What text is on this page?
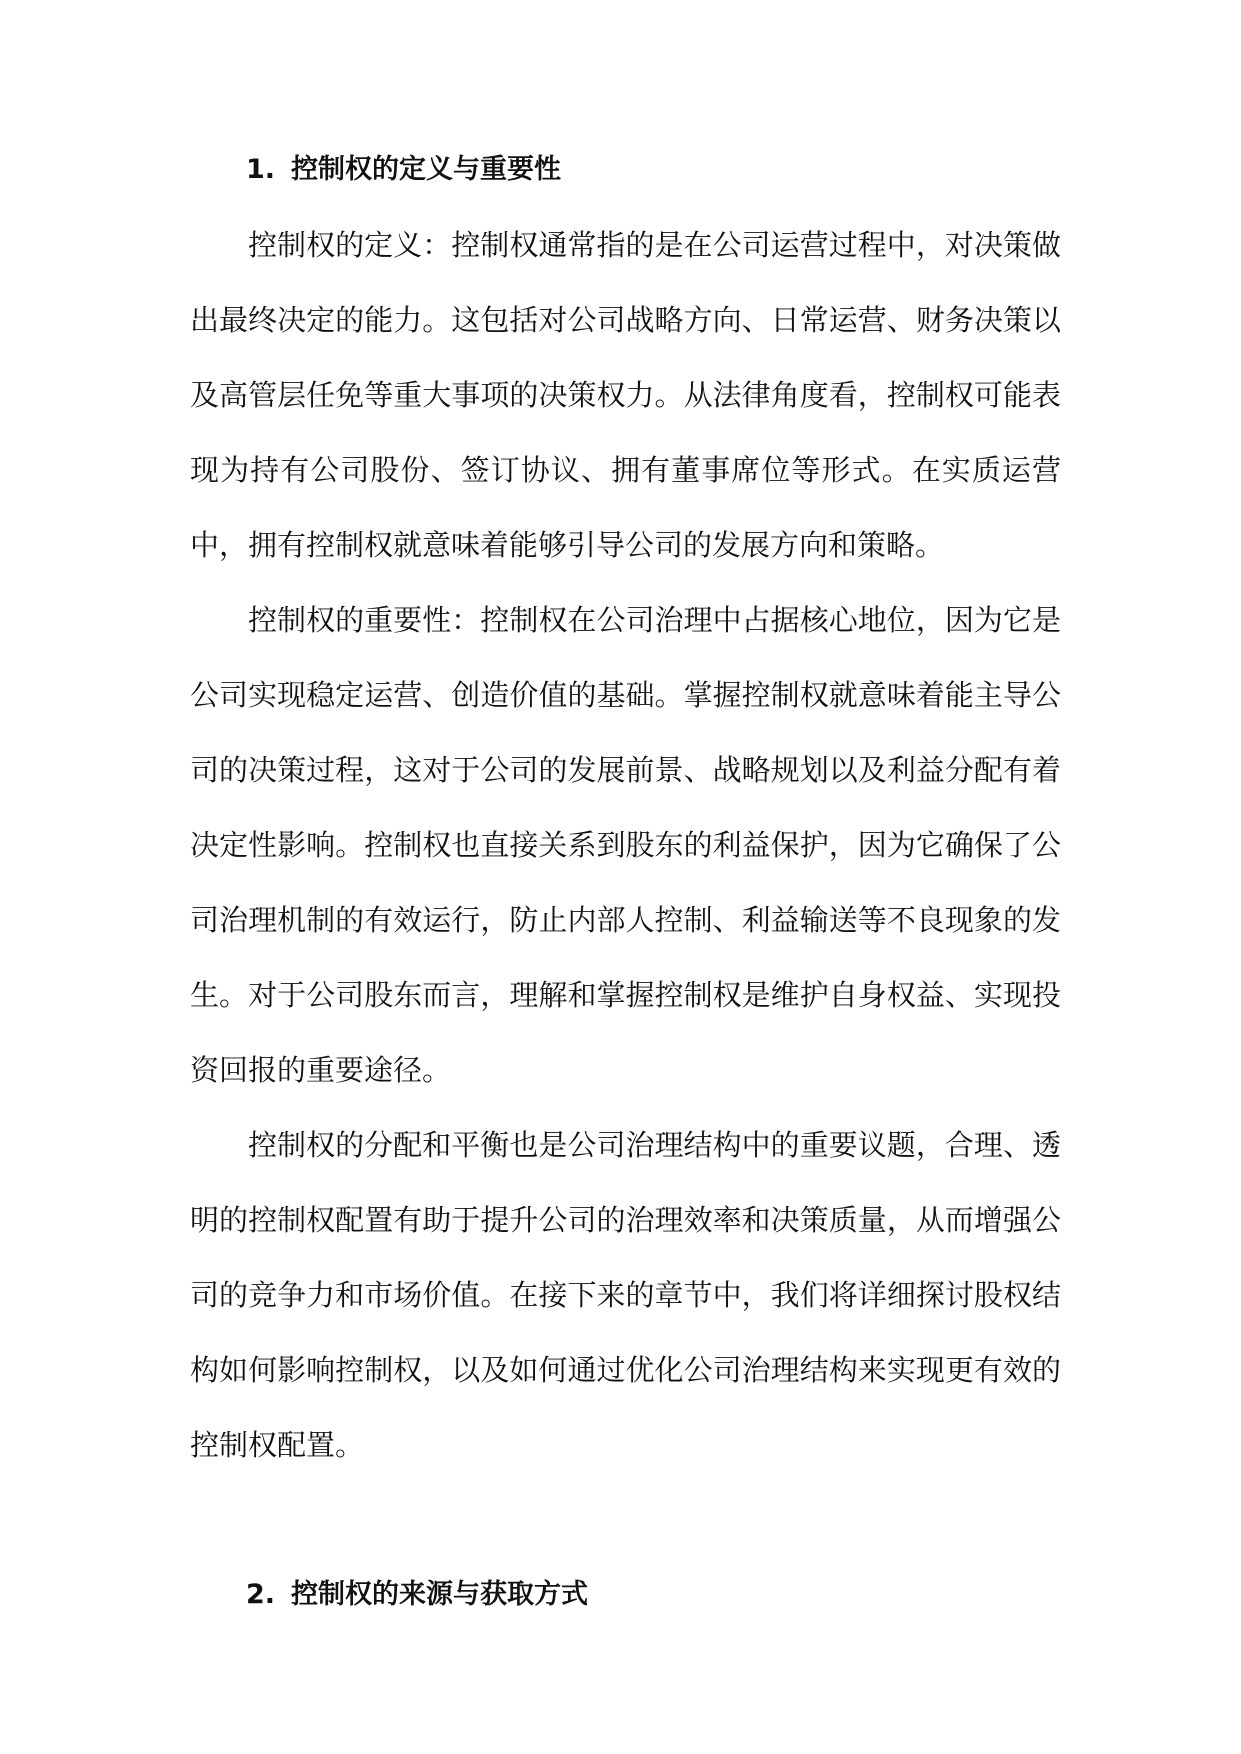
1. 控制权的定义与重要性

控制权的定义：控制权通常指的是在公司运营过程中，对决策做出最终决定的能力。这包括对公司战略方向、日常运营、财务决策以及高管层任免等重大事项的决策权力。从法律角度看，控制权可能表现为持有公司股份、签订协议、拥有董事席位等形式。在实质运营中，拥有控制权就意味着能够引导公司的发展方向和策略。

控制权的重要性：控制权在公司治理中占据核心地位，因为它是公司实现稳定运营、创造价值的基础。掌握控制权就意味着能主导公司的决策过程，这对于公司的发展前景、战略规划以及利益分配有着决定性影响。控制权也直接关系到股东的利益保护，因为它确保了公司治理机制的有效运行，防止内部人控制、利益输送等不良现象的发生。对于公司股东而言，理解和掌握控制权是维护自身权益、实现投资回报的重要途径。

控制权的分配和平衡也是公司治理结构中的重要议题，合理、透明的控制权配置有助于提升公司的治理效率和决策质量，从而增强公司的竞争力和市场价值。在接下来的章节中，我们将详细探讨股权结构如何影响控制权，以及如何通过优化公司治理结构来实现更有效的控制权配置。

2. 控制权的来源与获取方式
